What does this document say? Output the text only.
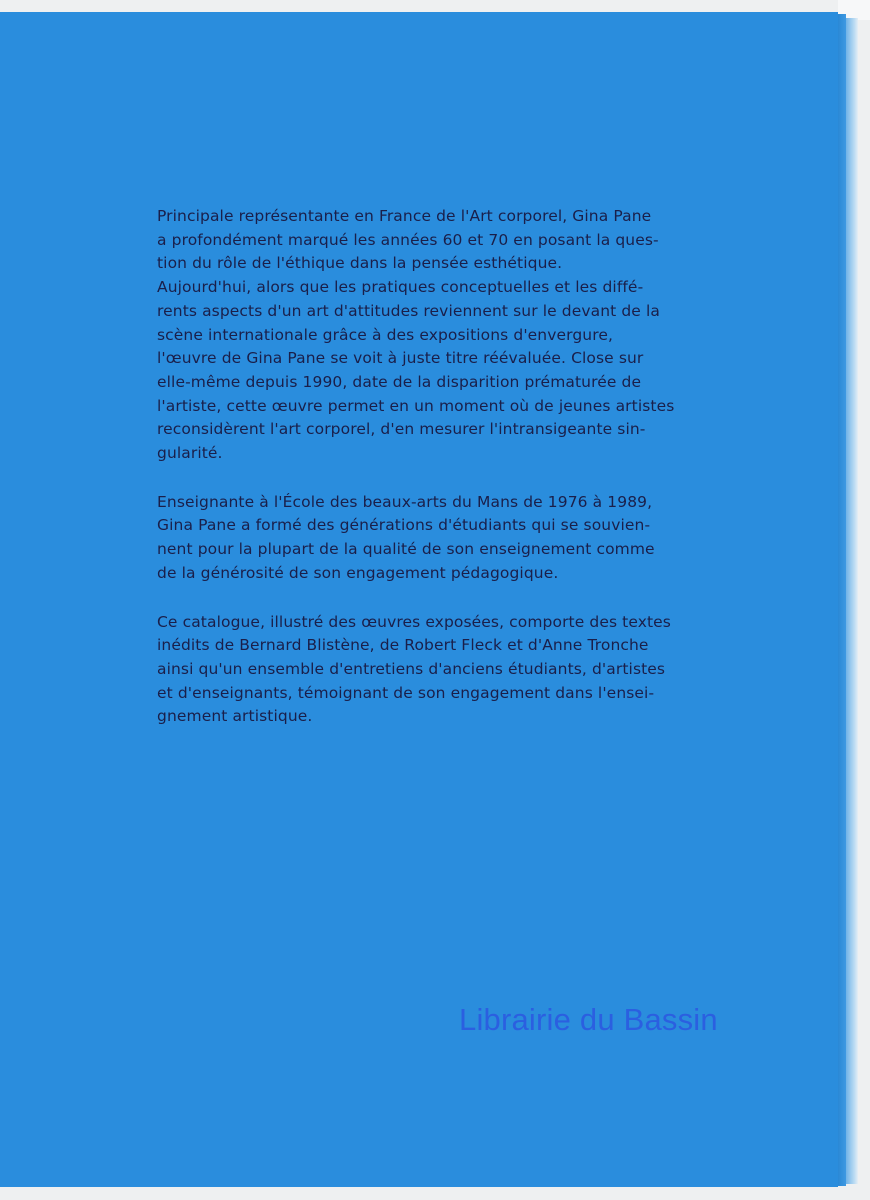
Principale représentante en France de l'Art corporel, Gina Pane
a profondément marqué les années 60 et 70 en posant la ques-
tion du rôle de l'éthique dans la pensée esthétique.
Aujourd'hui, alors que les pratiques conceptuelles et les diffé-
rents aspects d'un art d'attitudes reviennent sur le devant de la
scène internationale grâce à des expositions d'envergure,
l'œuvre de Gina Pane se voit à juste titre réévaluée. Close sur
elle-même depuis 1990, date de la disparition prématurée de
l'artiste, cette œuvre permet en un moment où de jeunes artistes
reconsidèrent l'art corporel, d'en mesurer l'intransigeante sin-
gularité.

Enseignante à l'École des beaux-arts du Mans de 1976 à 1989,
Gina Pane a formé des générations d'étudiants qui se souvien-
nent pour la plupart de la qualité de son enseignement comme
de la générosité de son engagement pédagogique.

Ce catalogue, illustré des œuvres exposées, comporte des textes
inédits de Bernard Blistène, de Robert Fleck et d'Anne Tronche
ainsi qu'un ensemble d'entretiens d'anciens étudiants, d'artistes
et d'enseignants, témoignant de son engagement dans l'ensei-
gnement artistique.

Librairie du Bassin
